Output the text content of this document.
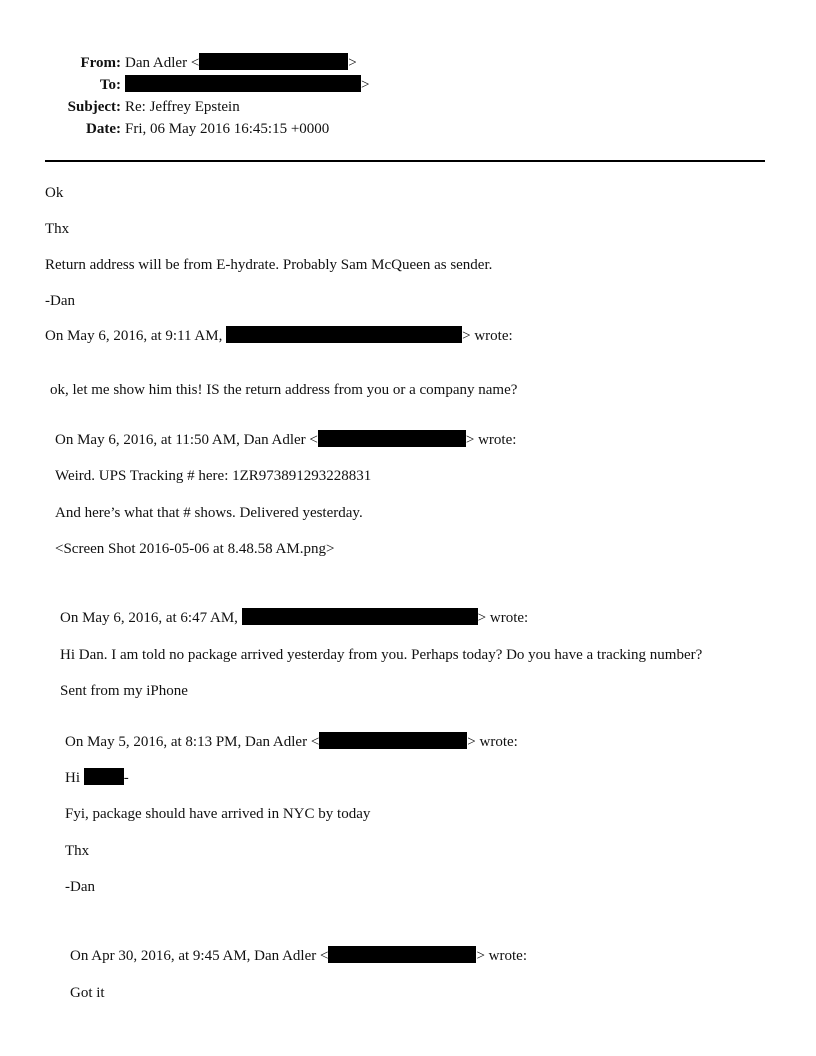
From: Dan Adler <	>
To:	>
Subject: Re: Jeffrey Epstein
Date: Fri, 06 May 2016 16:45:15 +0000
Ok
Thx
Return address will be from E-hydrate. Probably Sam McQueen as sender.
-Dan
On May 6, 2016, at 9:11 AM,	> wrote:
ok, let me show him this! IS the return address from you or a company name?
On May 6, 2016, at 11:50 AM, Dan Adler <	> wrote:
Weird. UPS Tracking # here: 1ZR973891293228831
And here’s what that # shows. Delivered yesterday.
<Screen Shot 2016-05-06 at 8.48.58 AM.png>
On May 6, 2016, at 6:47 AM,	> wrote:
Hi Dan. I am told no package arrived yesterday from you. Perhaps today? Do you have a tracking number?
Sent from my iPhone
On May 5, 2016, at 8:13 PM, Dan Adler <	> wrote:
Hi	-
Fyi, package should have arrived in NYC by today
Thx
-Dan
On Apr 30, 2016, at 9:45 AM, Dan Adler <	> wrote:
Got it
